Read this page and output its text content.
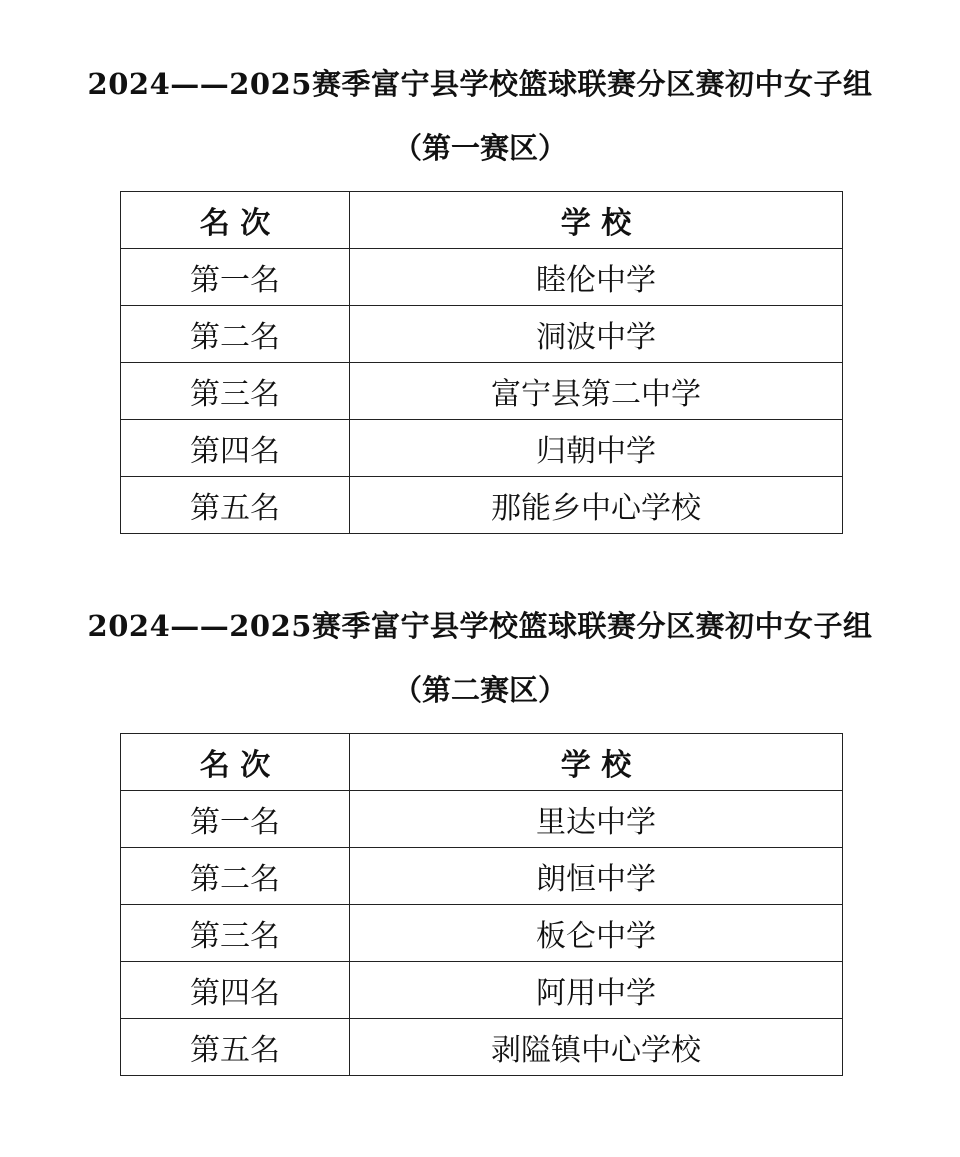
2024——2025赛季富宁县学校篮球联赛分区赛初中女子组
（第一赛区）
名 次	学 校
第一名	睦伦中学
第二名	洞波中学
第三名	富宁县第二中学
第四名	归朝中学
第五名	那能乡中心学校
2024——2025赛季富宁县学校篮球联赛分区赛初中女子组
（第二赛区）
名 次	学 校
第一名	里达中学
第二名	朗恒中学
第三名	板仑中学
第四名	阿用中学
第五名	剥隘镇中心学校
